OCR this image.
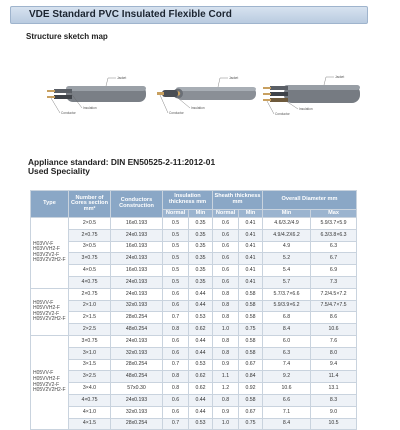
VDE Standard PVC Insulated Flexible Cord
Structure sketch map
Jacket
Insulation
Conductor
Jacket
Insulation
Conductor
Jacket
Insulation
Conductor
Appliance standard: DIN EN50525-2-11:2012-01
Used Speciality
Type	Number of Cores section mm²	Conductors Construction	Insulation thickness mm		Sheath thickness mm		Overall Diameter mm	
			Normal	Min	Normal	Min	Min	Max

H03VV-F
H03VVH2-F
H03V2V2-F
H03V2V2H2-F	2×0.5	16x0.193	0.5	0.35	0.6	0.41	4.6/3.2/4.9	5.9/3.7×5.9
	2×0.75	24x0.193	0.5	0.35	0.6	0.41	4.9/4.2X6.2	6.3/3.8×6.3
	3×0.5	16x0.193	0.5	0.35	0.6	0.41	4.9	6.3
	3×0.75	24x0.193	0.5	0.35	0.6	0.41	5.2	6.7
	4×0.5	16x0.193	0.5	0.35	0.6	0.41	5.4	6.9
	4×0.75	24x0.193	0.5	0.35	0.6	0.41	5.7	7.3

H05VV-F
H05VVH2-F
H05V2V2-F
H05V2V2H2-F	2×0.75	24x0.193	0.6	0.44	0.8	0.58	5.7/3.7×6.6	7.2/4.5×7.2
	2×1.0	32x0.193	0.6	0.44	0.8	0.58	5.9/3.9×6.2	7.5/4.7×7.5
	2×1.5	28x0.254	0.7	0.53	0.8	0.58	6.8	8.6
	2×2.5	48x0.254	0.8	0.62	1.0	0.75	8.4	10.6

H05VV-F
H05VVH2-F
H05V2V2-F
H05V2V2H2-F	3×0.75	24x0.193	0.6	0.44	0.8	0.58	6.0	7.6
	3×1.0	32x0.193	0.6	0.44	0.8	0.58	6.3	8.0
	3×1.5	28x0.254	0.7	0.53	0.9	0.67	7.4	9.4
	3×2.5	48x0.254	0.8	0.62	1.1	0.84	9.2	11.4
	3×4.0	57x0.30	0.8	0.62	1.2	0.92	10.6	13.1
	4×0.75	24x0.193	0.6	0.44	0.8	0.58	6.6	8.3
	4×1.0	32x0.193	0.6	0.44	0.9	0.67	7.1	9.0
	4×1.5	28x0.254	0.7	0.53	1.0	0.75	8.4	10.5
